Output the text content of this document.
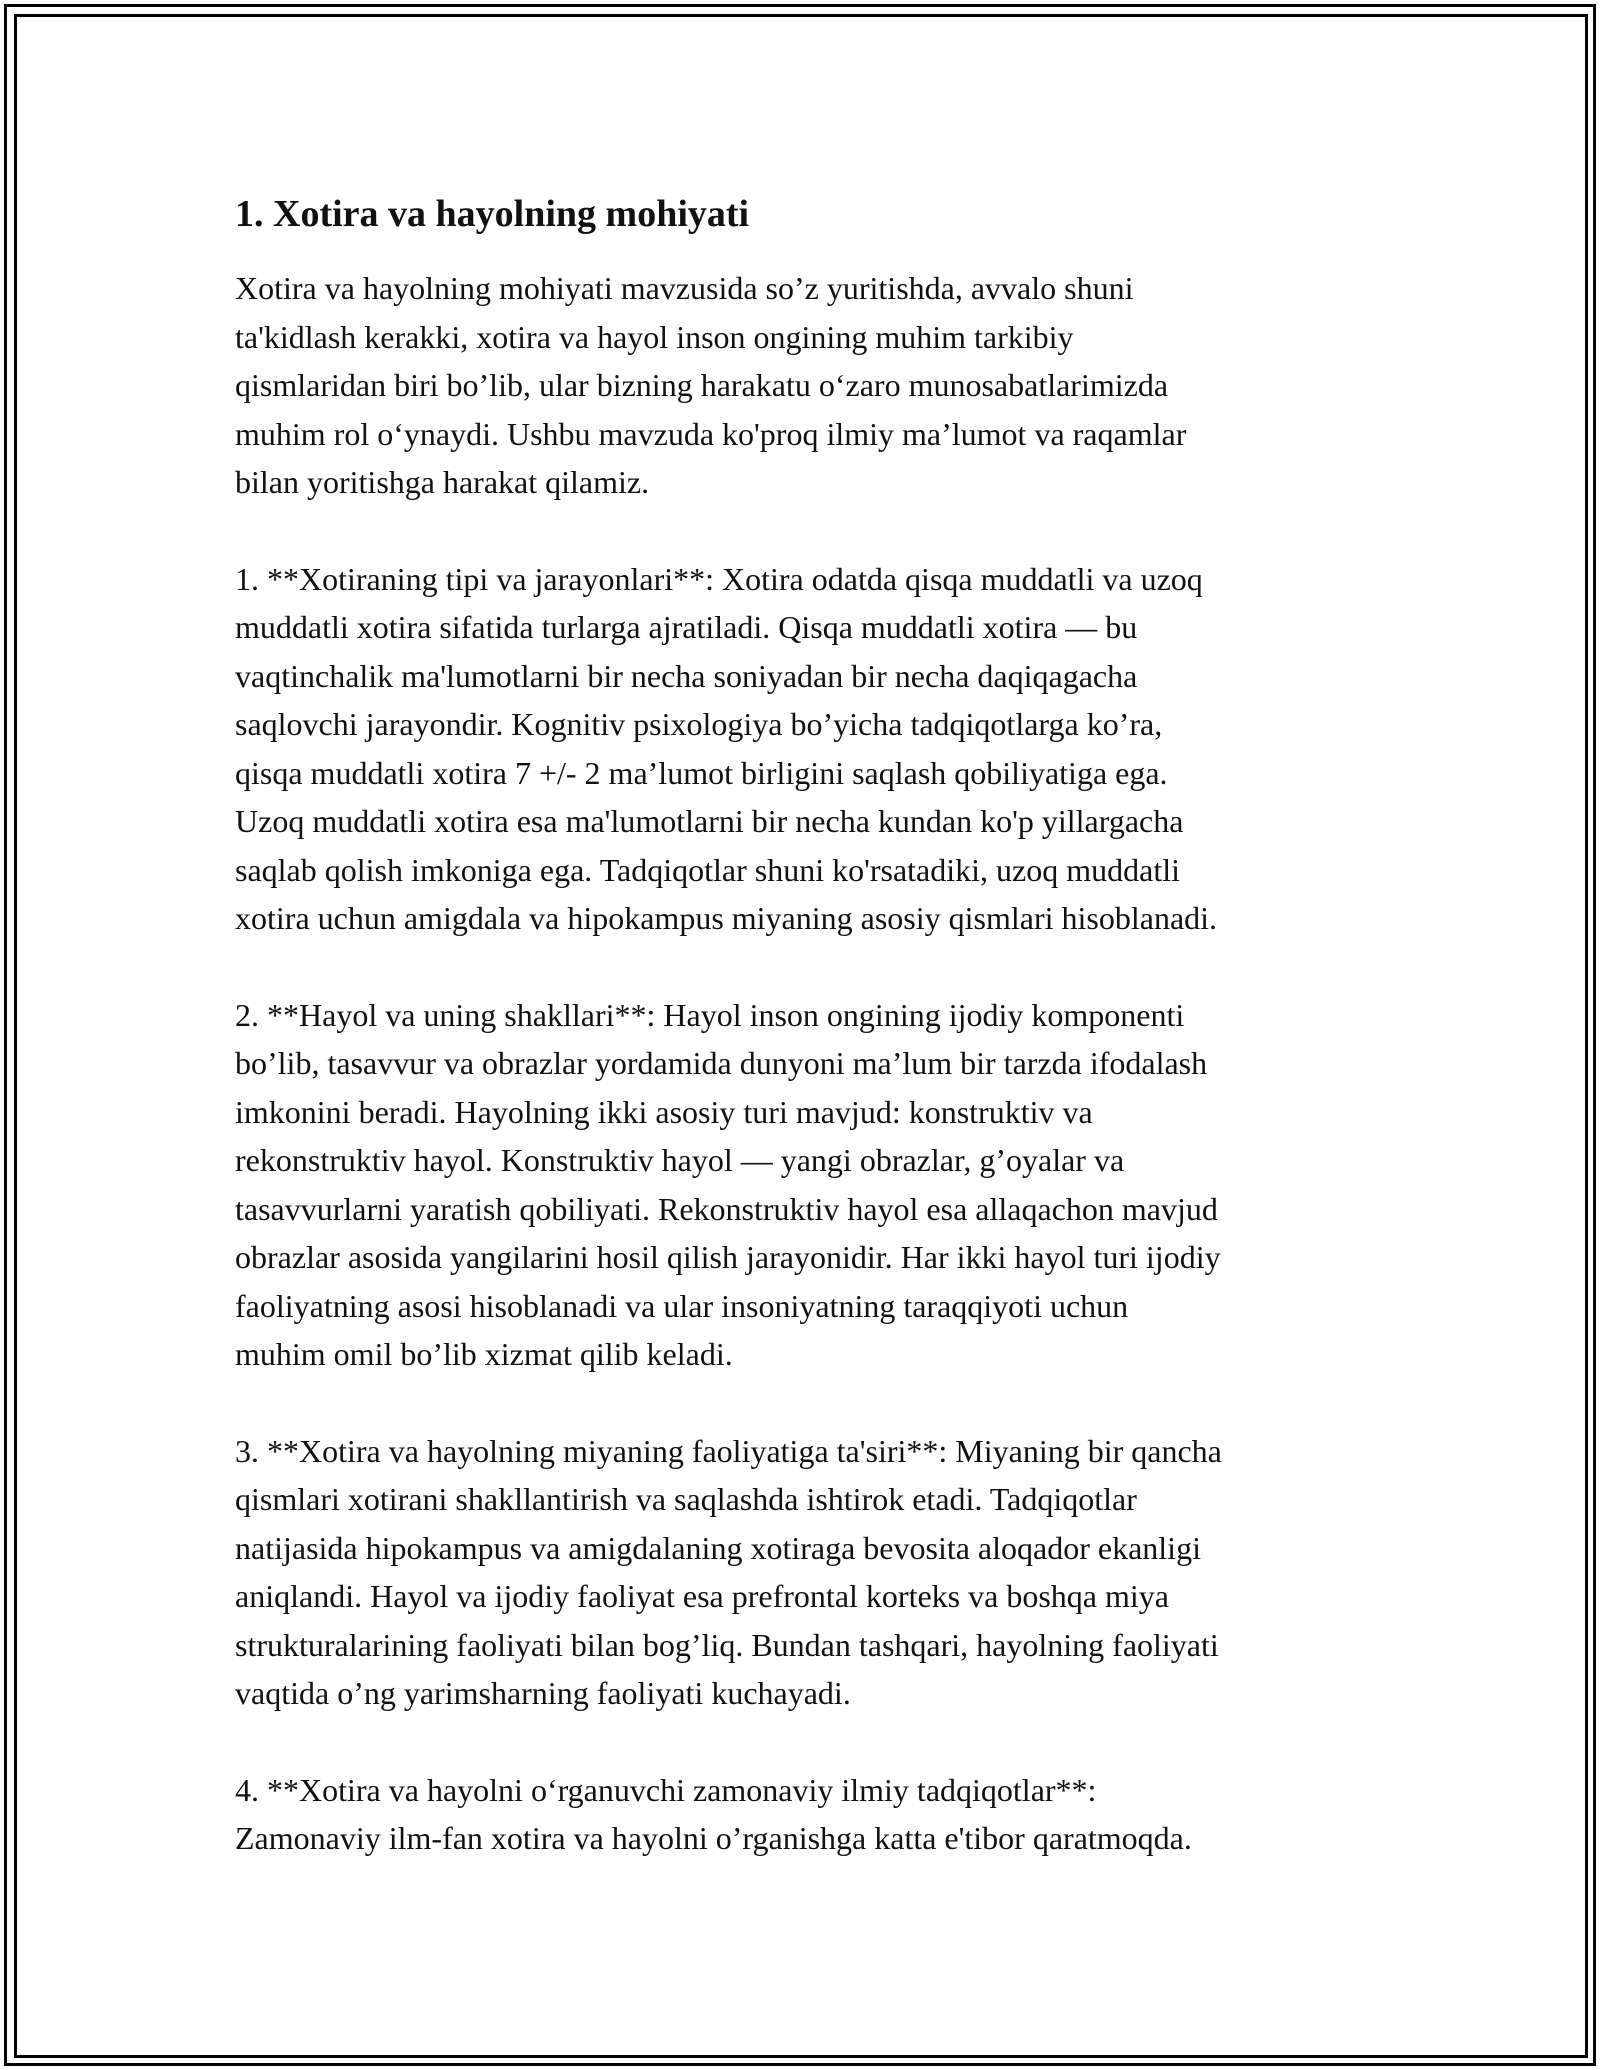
1. Xotira va hayolning mohiyati

Xotira va hayolning mohiyati mavzusida so’z yuritishda, avvalo shuni
ta'kidlash kerakki, xotira va hayol inson ongining muhim tarkibiy
qismlaridan biri bo’lib, ular bizning harakatu o‘zaro munosabatlarimizda
muhim rol o‘ynaydi. Ushbu mavzuda ko'proq ilmiy ma’lumot va raqamlar
bilan yoritishga harakat qilamiz.

1. **Xotiraning tipi va jarayonlari**: Xotira odatda qisqa muddatli va uzoq
muddatli xotira sifatida turlarga ajratiladi. Qisqa muddatli xotira — bu
vaqtinchalik ma'lumotlarni bir necha soniyadan bir necha daqiqagacha
saqlovchi jarayondir. Kognitiv psixologiya bo’yicha tadqiqotlarga ko’ra,
qisqa muddatli xotira 7 +/- 2 ma’lumot birligini saqlash qobiliyatiga ega.
Uzoq muddatli xotira esa ma'lumotlarni bir necha kundan ko'p yillargacha
saqlab qolish imkoniga ega. Tadqiqotlar shuni ko'rsatadiki, uzoq muddatli
xotira uchun amigdala va hipokampus miyaning asosiy qismlari hisoblanadi.

2. **Hayol va uning shakllari**: Hayol inson ongining ijodiy komponenti
bo’lib, tasavvur va obrazlar yordamida dunyoni ma’lum bir tarzda ifodalash
imkonini beradi. Hayolning ikki asosiy turi mavjud: konstruktiv va
rekonstruktiv hayol. Konstruktiv hayol — yangi obrazlar, g’oyalar va
tasavvurlarni yaratish qobiliyati. Rekonstruktiv hayol esa allaqachon mavjud
obrazlar asosida yangilarini hosil qilish jarayonidir. Har ikki hayol turi ijodiy
faoliyatning asosi hisoblanadi va ular insoniyatning taraqqiyoti uchun
muhim omil bo’lib xizmat qilib keladi.

3. **Xotira va hayolning miyaning faoliyatiga ta'siri**: Miyaning bir qancha
qismlari xotirani shakllantirish va saqlashda ishtirok etadi. Tadqiqotlar
natijasida hipokampus va amigdalaning xotiraga bevosita aloqador ekanligi
aniqlandi. Hayol va ijodiy faoliyat esa prefrontal korteks va boshqa miya
strukturalarining faoliyati bilan bog’liq. Bundan tashqari, hayolning faoliyati
vaqtida o’ng yarimsharning faoliyati kuchayadi.

4. **Xotira va hayolni o‘rganuvchi zamonaviy ilmiy tadqiqotlar**:
Zamonaviy ilm-fan xotira va hayolni o’rganishga katta e'tibor qaratmoqda.
